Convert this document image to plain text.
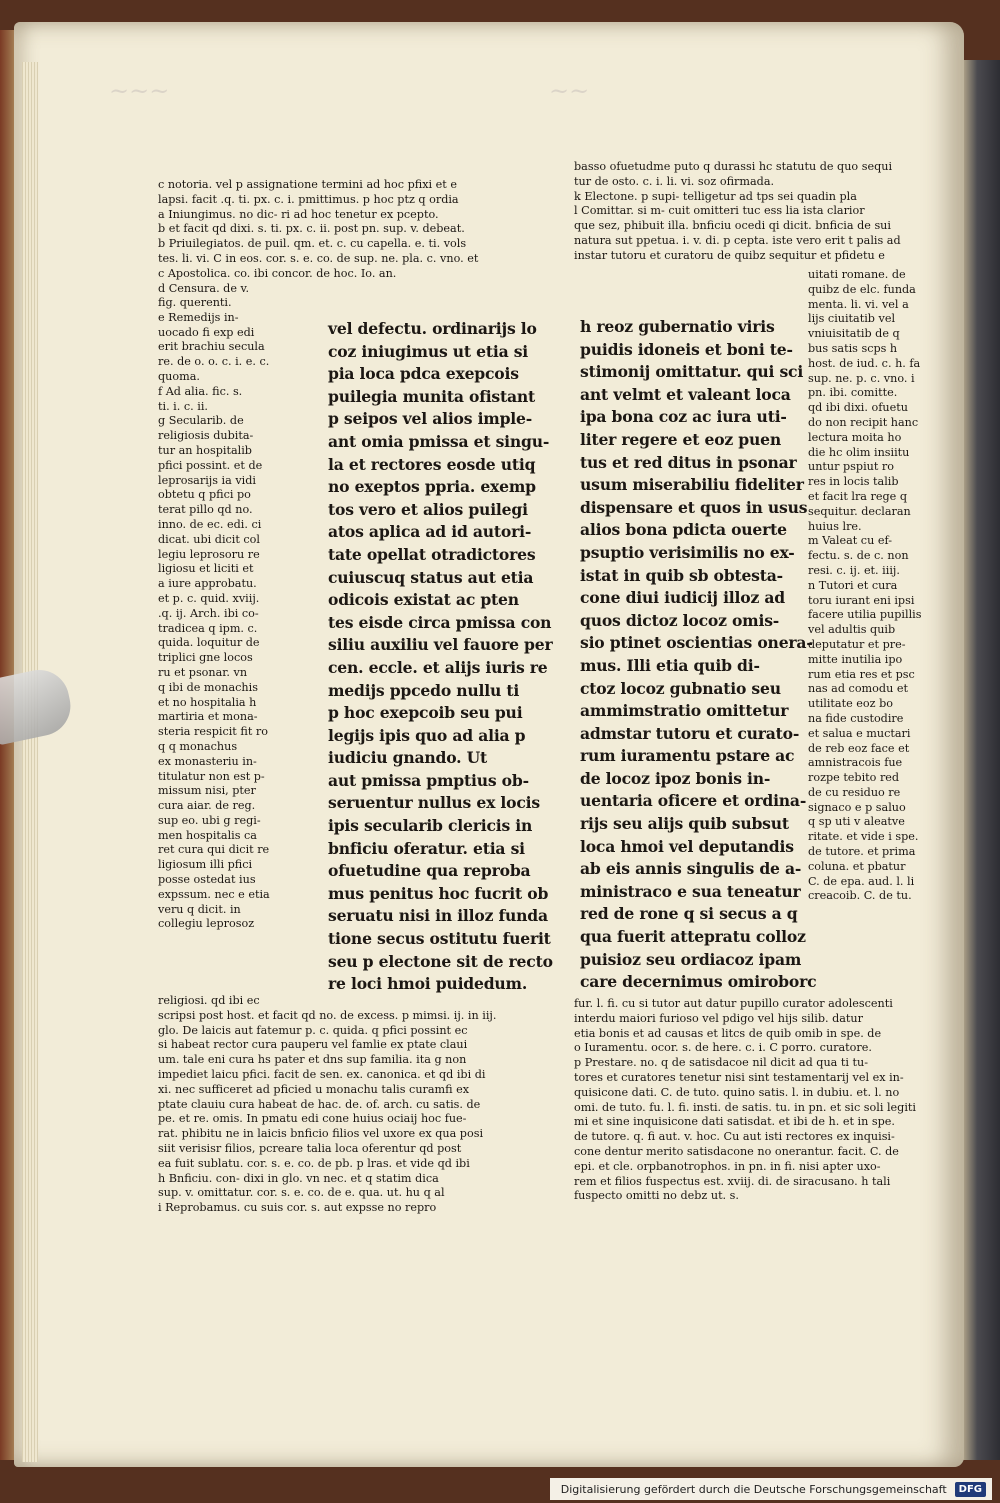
~~~	~~
c notoria. vel p assignatione termini ad hoc pfixi et e
lapsi. facit .q. ti. px. c. i. pmittimus. p hoc ptz q ordia
a Iniungimus. no dic- ri ad hoc tenetur ex pcepto.
b et facit qd dixi. s. ti. px. c. ii. post pn. sup. v. debeat.
b Priuilegiatos. de puil. qm. et. c. cu capella. e. ti. vols
tes. li. vi. C in eos. cor. s. e. co. de sup. ne. pla. c. vno. et
c Apostolica. co. ibi concor. de hoc. Io. an.
d Censura. de v.
fig. querenti.
e Remedijs in-
uocado fi exp edi
erit brachiu secula
re. de o. o. c. i. e. c.
quoma.
f Ad alia. fic. s.
ti. i. c. ii.
g Secularib. de
religiosis dubita-
tur an hospitalib
pfici possint. et de
leprosarijs ia vidi
obtetu q pfici po
terat pillo qd no.
inno. de ec. edi. ci
dicat. ubi dicit col
legiu leprosoru re
ligiosu et liciti et
a iure approbatu.
et p. c. quid. xviij.
.q. ij. Arch. ibi co-
tradicea q ipm. c.
quida. loquitur de
triplici gne locos
ru et psonar. vn
q ibi de monachis
et no hospitalia h
martiria et mona-
steria respicit fit ro
q q monachus
ex monasteriu in-
titulatur non est p-
missum nisi, pter
cura aiar. de reg.
sup eo. ubi g regi-
men hospitalis ca
ret cura qui dicit re
ligiosum illi pfici
posse ostedat ius
expssum. nec e etia
veru q dicit. in
collegiu leprosoz
vel defectu. ordinarijs lo
coz iniugimus ut etia si
pia loca pdca exepcois
puilegia munita ofistant
p seipos vel alios imple-
ant omia pmissa et singu-
la et rectores eosde utiq
no exeptos ppria. exemp
tos vero et alios puilegi
atos aplica ad id autori-
tate opellat otradictores
cuiuscuq status aut etia
odicois existat ac pten
tes eisde circa pmissa con
siliu auxiliu vel fauore per
cen. eccle. et alijs iuris re
medijs ppcedo nullu ti
p hoc exepcoib seu pui
legijs ipis quo ad alia p
iudiciu gnando. Ut
aut pmissa pmptius ob-
seruentur nullus ex locis
ipis secularib clericis in
bnficiu oferatur. etia si
ofuetudine qua reproba
mus penitus hoc fucrit ob
seruatu nisi in illoz funda
tione secus ostitutu fuerit
seu p electone sit de recto
re loci hmoi puidedum.
basso ofuetudme puto q durassi hc statutu de quo sequi
tur de osto. c. i. li. vi. soz ofirmada.
k Electone. p supi- telligetur ad tps sei quadin pla
l Comittar. si m- cuit omitteri tuc ess lia ista clarior
que sez, phibuit illa. bnficiu ocedi qi dicit. bnficia de sui
natura sut ppetua. i. v. di. p cepta. iste vero erit t palis ad
instar tutoru et curatoru de quibz sequitur et pfidetu e
uitati romane. de
quibz de elc. funda
menta. li. vi. vel a
lijs ciuitatib vel
vniuisitatib de q
bus satis scps h
host. de iud. c. h. fa
sup. ne. p. c. vno. i
pn. ibi. comitte.
qd ibi dixi. ofuetu
do non recipit hanc
lectura moita ho
die hc olim insiitu
untur pspiut ro
res in locis talib
et facit lra rege q
sequitur. declaran
huius lre.
m Valeat cu ef-
fectu. s. de c. non
resi. c. ij. et. iiij.
n Tutori et cura
toru iurant eni ipsi
facere utilia pupillis
vel adultis quib
deputatur et pre-
mitte inutilia ipo
rum etia res et psc
nas ad comodu et
utilitate eoz bo
na fide custodire
et salua e muctari
de reb eoz face et
amnistracois fue
rozpe tebito red
de cu residuo re
signaco e p saluo
q sp uti v aleatve
ritate. et vide i spe.
de tutore. et prima
coluna. et pbatur
C. de epa. aud. l. li
creacoib. C. de tu.
h reoz gubernatio viris
puidis idoneis et boni te-
stimonij omittatur. qui sci
ant velmt et valeant loca
ipa bona coz ac iura uti-
liter regere et eoz puen
tus et red ditus in psonar
usum miserabiliu fideliter
dispensare et quos in usus
alios bona pdicta ouerte
psuptio verisimilis no ex-
istat in quib sb obtesta-
cone diui iudicij illoz ad
quos dictoz locoz omis-
sio ptinet oscientias onera-
mus. Illi etia quib di-
ctoz locoz gubnatio seu
ammimstratio omittetur
admstar tutoru et curato-
rum iuramentu pstare ac
de locoz ipoz bonis in-
uentaria oficere et ordina-
rijs seu alijs quib subsut
loca hmoi vel deputandis
ab eis annis singulis de a-
ministraco e sua teneatur
red de rone q si secus a q
qua fuerit attepratu colloz
puisioz seu ordiacoz ipam
care decernimus omiroborc
religiosi. qd ibi ec
scripsi post host. et facit qd no. de excess. p mimsi. ij. in iij.
glo. De laicis aut fatemur p. c. quida. q pfici possint ec
si habeat rector cura pauperu vel famlie ex ptate claui
um. tale eni cura hs pater et dns sup familia. ita g non
impediet laicu pfici. facit de sen. ex. canonica. et qd ibi di
xi. nec sufficeret ad pficied u monachu talis curamfi ex
ptate clauiu cura habeat de hac. de. of. arch. cu satis. de
pe. et re. omis. In pmatu edi cone huius ociaij hoc fue-
rat. phibitu ne in laicis bnficio filios vel uxore ex qua posi
siit verisisr filios, pcreare talia loca oferentur qd post
ea fuit sublatu. cor. s. e. co. de pb. p lras. et vide qd ibi
h Bnficiu. con- dixi in glo. vn nec. et q statim dica
sup. v. omittatur. cor. s. e. co. de e. qua. ut. hu q al
i Reprobamus. cu suis cor. s. aut expsse no repro
fur. l. fi. cu si tutor aut datur pupillo curator adolescenti
interdu maiori furioso vel pdigo vel hijs silib. datur
etia bonis et ad causas et litcs de quib omib in spe. de
o Iuramentu. ocor. s. de here. c. i. C porro. curatore.
p Prestare. no. q de satisdacoe nil dicit ad qua ti tu-
tores et curatores tenetur nisi sint testamentarij vel ex in-
quisicone dati. C. de tuto. quino satis. l. in dubiu. et. l. no
omi. de tuto. fu. l. fi. insti. de satis. tu. in pn. et sic soli legiti
mi et sine inquisicone dati satisdat. et ibi de h. et in spe.
de tutore. q. fi aut. v. hoc. Cu aut isti rectores ex inquisi-
cone dentur merito satisdacone no onerantur. facit. C. de
epi. et cle. orpbanotrophos. in pn. in fi. nisi apter uxo-
rem et filios fuspectus est. xviij. di. de siracusano. h tali
fuspecto omitti no debz ut. s.
Digitalisierung gefördert durch die Deutsche Forschungsgemeinschaft	DFG
